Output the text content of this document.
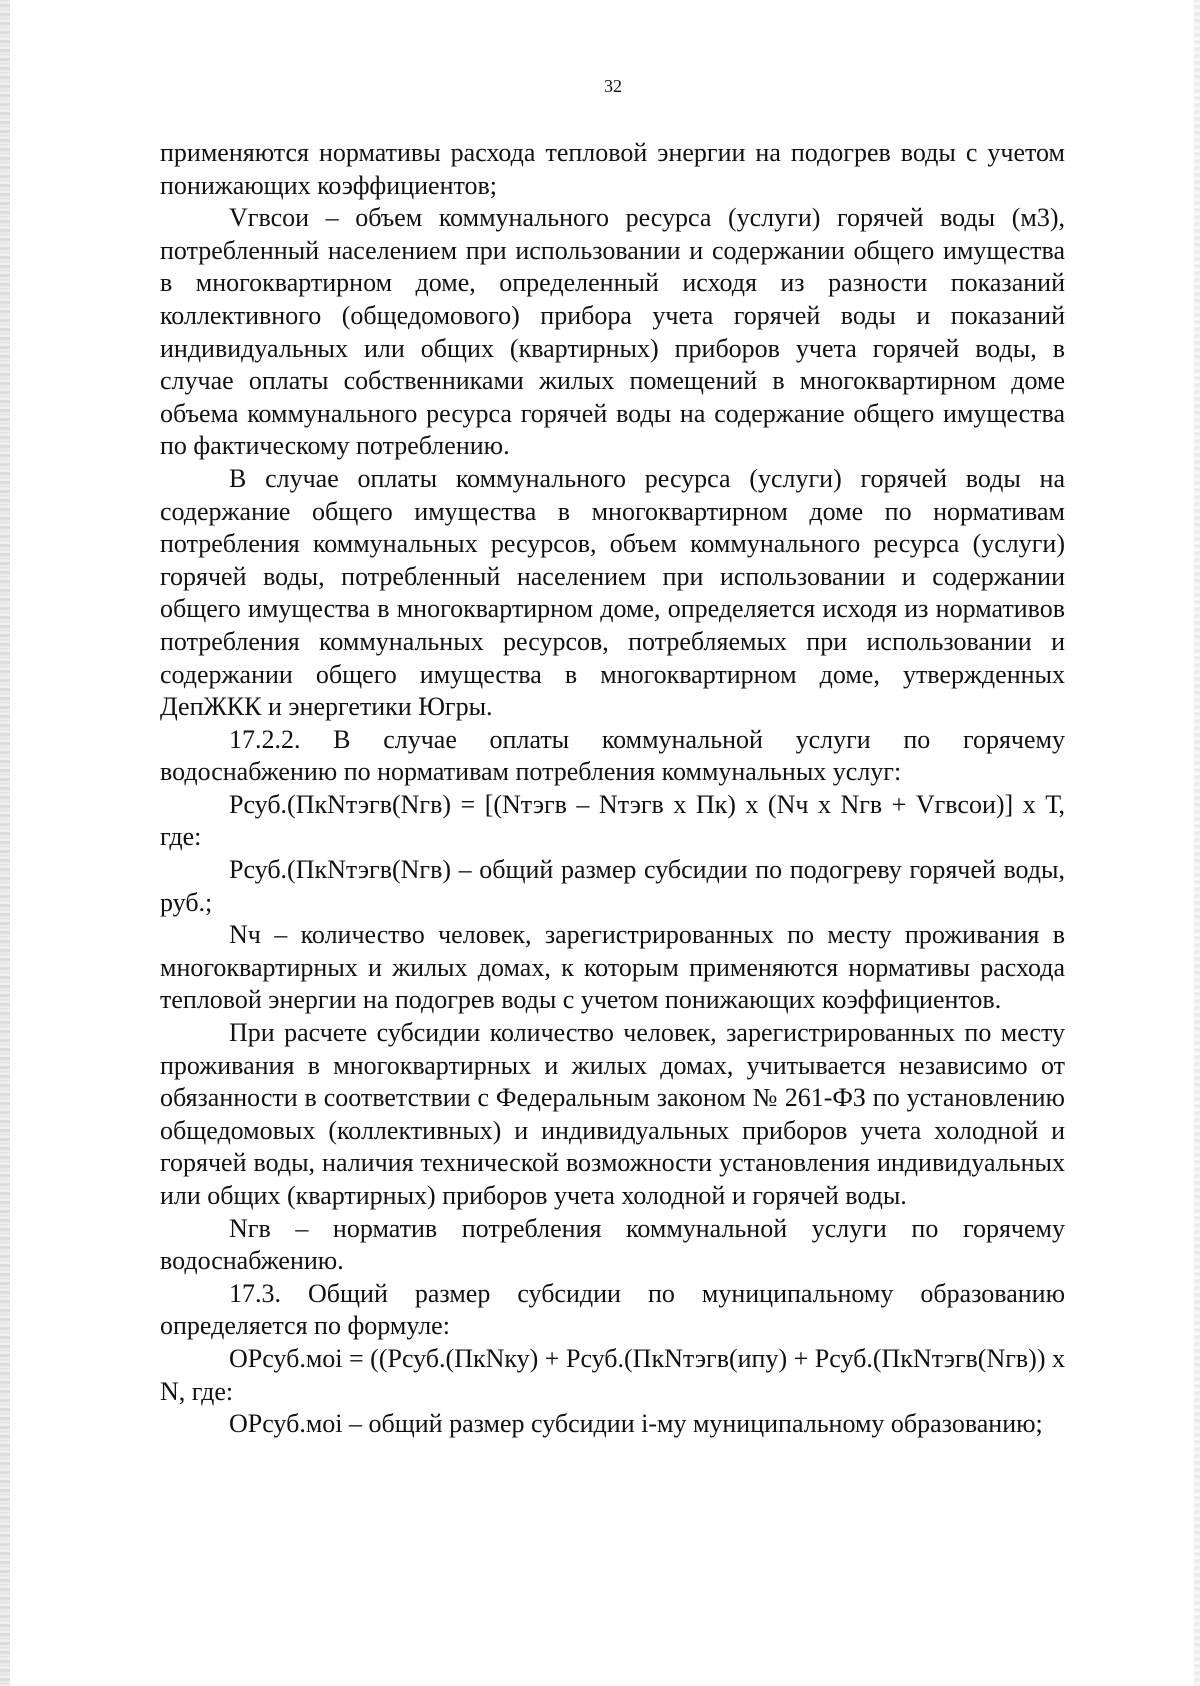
32

применяются нормативы расхода тепловой энергии на подогрев воды с учетом понижающих коэффициентов;

Vгвсои – объем коммунального ресурса (услуги) горячей воды (м3), потребленный населением при использовании и содержании общего имущества в многоквартирном доме, определенный исходя из разности показаний коллективного (общедомового) прибора учета горячей воды и показаний индивидуальных или общих (квартирных) приборов учета горячей воды, в случае оплаты собственниками жилых помещений в многоквартирном доме объема коммунального ресурса горячей воды на содержание общего имущества по фактическому потреблению.

В случае оплаты коммунального ресурса (услуги) горячей воды на содержание общего имущества в многоквартирном доме по нормативам потребления коммунальных ресурсов, объем коммунального ресурса (услуги) горячей воды, потребленный населением при использовании и содержании общего имущества в многоквартирном доме, определяется исходя из нормативов потребления коммунальных ресурсов, потребляемых при использовании и содержании общего имущества в многоквартирном доме, утвержденных ДепЖКК и энергетики Югры.

17.2.2. В случае оплаты коммунальной услуги по горячему водоснабжению по нормативам потребления коммунальных услуг:

Рсуб.(ПкNтэгв(Nгв) = [(Nтэгв – Nтэгв х Пк) х (Nч х Nгв + Vгвсои)] х Т, где:

Рсуб.(ПкNтэгв(Nгв) – общий размер субсидии по подогреву горячей воды, руб.;

Nч – количество человек, зарегистрированных по месту проживания в многоквартирных и жилых домах, к которым применяются нормативы расхода тепловой энергии на подогрев воды с учетом понижающих коэффициентов.

При расчете субсидии количество человек, зарегистрированных по месту проживания в многоквартирных и жилых домах, учитывается независимо от обязанности в соответствии с Федеральным законом № 261-ФЗ по установлению общедомовых (коллективных) и индивидуальных приборов учета холодной и горячей воды, наличия технической возможности установления индивидуальных или общих (квартирных) приборов учета холодной и горячей воды.

Nгв – норматив потребления коммунальной услуги по горячему водоснабжению.

17.3. Общий размер субсидии по муниципальному образованию определяется по формуле:

ОРсуб.моi = ((Рсуб.(ПкNку) + Рсуб.(ПкNтэгв(ипу) + Рсуб.(ПкNтэгв(Nгв)) х N, где:

ОРсуб.моi – общий размер субсидии i-му муниципальному образованию;
